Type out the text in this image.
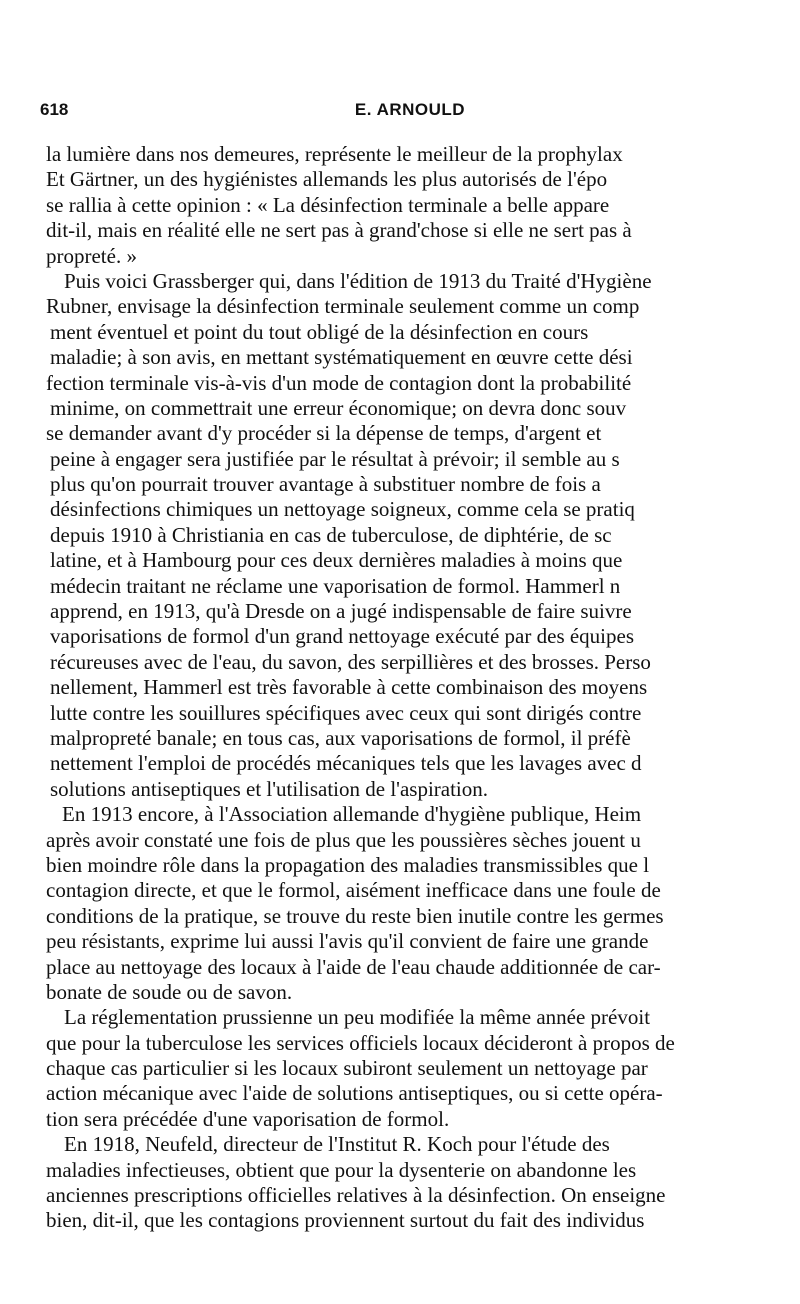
618	E. ARNOULD
la lumière dans nos demeures, représente le meilleur de la prophylax
Et Gärtner, un des hygiénistes allemands les plus autorisés de l'épo
se rallia à cette opinion : « La désinfection terminale a belle appare
dit-il, mais en réalité elle ne sert pas à grand'chose si elle ne sert pas à
propreté. »
Puis voici Grassberger qui, dans l'édition de 1913 du Traité d'Hygiène
Rubner, envisage la désinfection terminale seulement comme un comp
ment éventuel et point du tout obligé de la désinfection en cours
maladie; à son avis, en mettant systématiquement en œuvre cette dési
fection terminale vis-à-vis d'un mode de contagion dont la probabilité
minime, on commettrait une erreur économique; on devra donc souv
se demander avant d'y procéder si la dépense de temps, d'argent et
peine à engager sera justifiée par le résultat à prévoir; il semble au s
plus qu'on pourrait trouver avantage à substituer nombre de fois a
désinfections chimiques un nettoyage soigneux, comme cela se pratiq
depuis 1910 à Christiania en cas de tuberculose, de diphtérie, de sc
latine, et à Hambourg pour ces deux dernières maladies à moins que
médecin traitant ne réclame une vaporisation de formol. Hammerl n
apprend, en 1913, qu'à Dresde on a jugé indispensable de faire suivre
vaporisations de formol d'un grand nettoyage exécuté par des équipes
récureuses avec de l'eau, du savon, des serpillières et des brosses. Perso
nellement, Hammerl est très favorable à cette combinaison des moyens
lutte contre les souillures spécifiques avec ceux qui sont dirigés contre
malpropreté banale; en tous cas, aux vaporisations de formol, il préfè
nettement l'emploi de procédés mécaniques tels que les lavages avec d
solutions antiseptiques et l'utilisation de l'aspiration.
En 1913 encore, à l'Association allemande d'hygiène publique, Heim
après avoir constaté une fois de plus que les poussières sèches jouent u
bien moindre rôle dans la propagation des maladies transmissibles que l
contagion directe, et que le formol, aisément inefficace dans une foule de
conditions de la pratique, se trouve du reste bien inutile contre les germes
peu résistants, exprime lui aussi l'avis qu'il convient de faire une grande
place au nettoyage des locaux à l'aide de l'eau chaude additionnée de car-
bonate de soude ou de savon.
La réglementation prussienne un peu modifiée la même année prévoit
que pour la tuberculose les services officiels locaux décideront à propos de
chaque cas particulier si les locaux subiront seulement un nettoyage par
action mécanique avec l'aide de solutions antiseptiques, ou si cette opéra-
tion sera précédée d'une vaporisation de formol.
En 1918, Neufeld, directeur de l'Institut R. Koch pour l'étude des
maladies infectieuses, obtient que pour la dysenterie on abandonne les
anciennes prescriptions officielles relatives à la désinfection. On enseigne
bien, dit-il, que les contagions proviennent surtout du fait des individus
